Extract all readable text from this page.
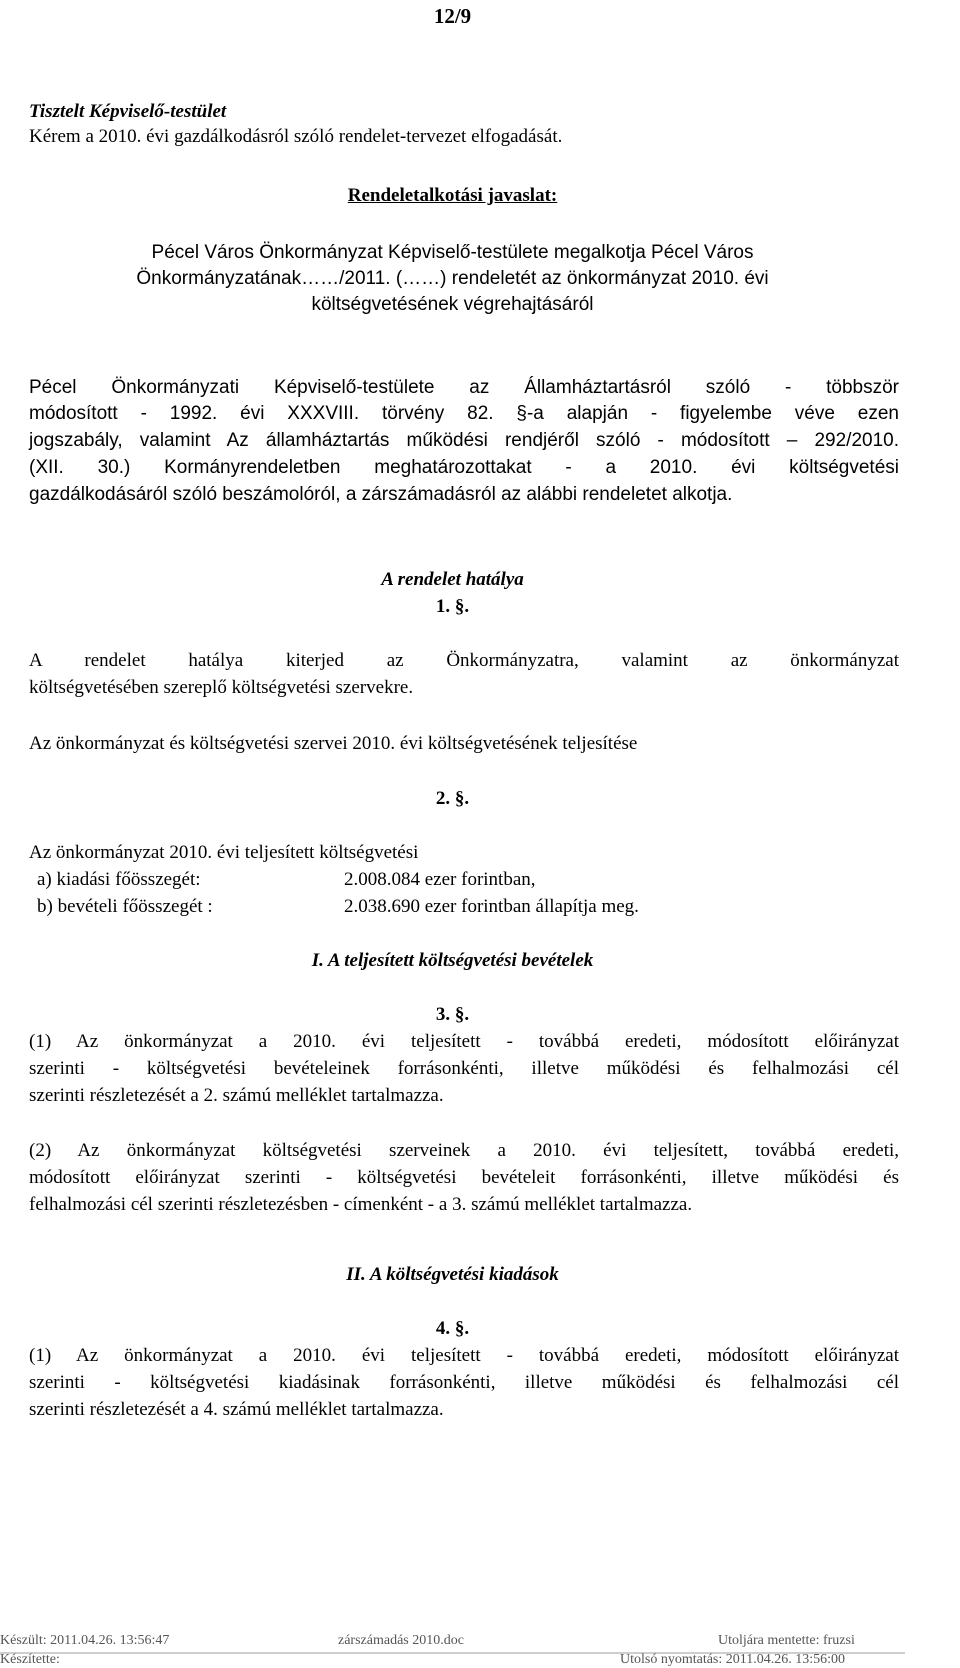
12/9
Tisztelt Képviselő-testület
Kérem a 2010. évi gazdálkodásról szóló rendelet-tervezet elfogadását.
Rendeletalkotási javaslat:
Pécel Város Önkormányzat Képviselő-testülete megalkotja Pécel Város
Önkormányzatának……/2011. (……) rendeletét az önkormányzat 2010. évi
költségvetésének végrehajtásáról
Pécel Önkormányzati Képviselő-testülete az Államháztartásról szóló - többször
módosított - 1992. évi XXXVIII. törvény 82. §-a alapján - figyelembe véve ezen
jogszabály, valamint Az államháztartás működési rendjéről szóló - módosított – 292/2010.
(XII. 30.) Kormányrendeletben meghatározottakat - a 2010. évi költségvetési
gazdálkodásáról szóló beszámolóról, a zárszámadásról az alábbi rendeletet alkotja.
A rendelet hatálya
1. §.
A rendelet hatálya kiterjed az Önkormányzatra, valamint az önkormányzat
költségvetésében szereplő költségvetési szervekre.
Az önkormányzat és költségvetési szervei 2010. évi költségvetésének teljesítése
2. §.
Az önkormányzat 2010. évi teljesített költségvetési
a) kiadási főösszegét:	2.008.084 ezer forintban,
b) bevételi főösszegét :	2.038.690 ezer forintban állapítja meg.
I. A teljesített költségvetési bevételek
3. §.
(1) Az önkormányzat a 2010. évi teljesített - továbbá eredeti, módosított előirányzat
szerinti - költségvetési bevételeinek forrásonkénti, illetve működési és felhalmozási cél
szerinti részletezését a 2. számú melléklet tartalmazza.
(2) Az önkormányzat költségvetési szerveinek a 2010. évi teljesített, továbbá eredeti,
módosított előirányzat szerinti - költségvetési bevételeit forrásonkénti, illetve működési és
felhalmozási cél szerinti részletezésben - címenként - a 3. számú melléklet tartalmazza.
II. A költségvetési kiadások
4. §.
(1) Az önkormányzat a 2010. évi teljesített - továbbá eredeti, módosított előirányzat
szerinti - költségvetési kiadásinak forrásonkénti, illetve működési és felhalmozási cél
szerinti részletezését a 4. számú melléklet tartalmazza.
Készült: 2011.04.26. 13:56:47	zárszámadás 2010.doc	Utoljára mentette: fruzsi
Készítette:	Utolsó nyomtatás: 2011.04.26. 13:56:00
